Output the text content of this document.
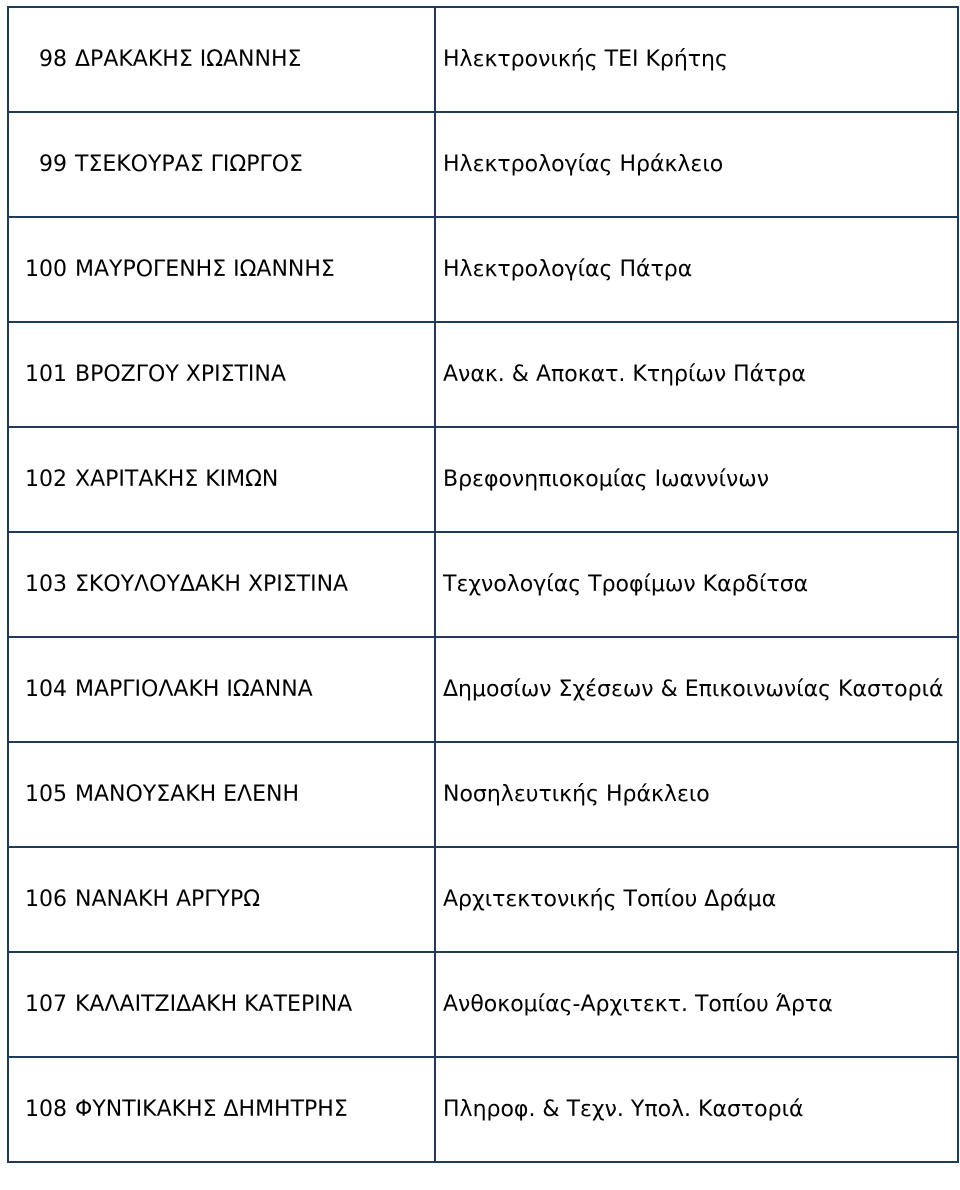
98	ΔΡΑΚΑΚΗΣ ΙΩΑΝΝΗΣ	Ηλεκτρονικής ΤΕΙ Κρήτης
99	ΤΣΕΚΟΥΡΑΣ ΓΙΩΡΓΟΣ	Ηλεκτρολογίας Ηράκλειο
100	ΜΑΥΡΟΓΕΝΗΣ ΙΩΑΝΝΗΣ	Ηλεκτρολογίας Πάτρα
101	ΒΡΟΖΓΟΥ ΧΡΙΣΤΙΝΑ	Ανακ. & Αποκατ. Κτηρίων Πάτρα
102	ΧΑΡΙΤΑΚΗΣ ΚΙΜΩΝ	Βρεφονηπιοκομίας Ιωαννίνων
103	ΣΚΟΥΛΟΥΔΑΚΗ ΧΡΙΣΤΙΝΑ	Τεχνολογίας Τροφίμων Καρδίτσα
104	ΜΑΡΓΙΟΛΑΚΗ ΙΩΑΝΝΑ	Δημοσίων Σχέσεων & Επικοινωνίας Καστοριά
105	ΜΑΝΟΥΣΑΚΗ ΕΛΕΝΗ	Νοσηλευτικής Ηράκλειο
106	ΝΑΝΑΚΗ ΑΡΓΥΡΩ	Αρχιτεκτονικής Τοπίου Δράμα
107	ΚΑΛΑΙΤΖΙΔΑΚΗ ΚΑΤΕΡΙΝΑ	Ανθοκομίας-Αρχιτεκτ. Τοπίου Άρτα
108	ΦΥΝΤΙΚΑΚΗΣ ΔΗΜΗΤΡΗΣ	Πληροφ. & Τεχν. Υπολ. Καστοριά
